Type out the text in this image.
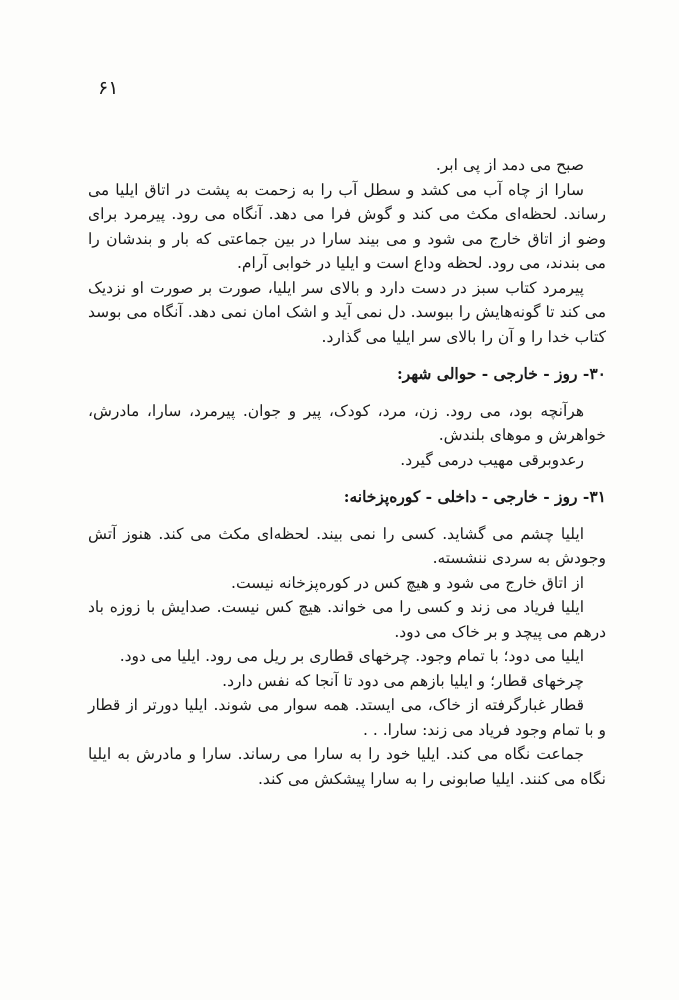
۶۱

صبح می دمد از پی ابر.

سارا از چاه آب می کشد و سطل آب را به زحمت به پشت در اتاق ایلیا می رساند. لحظه‌ای مکث می کند و گوش فرا می دهد. آنگاه می رود. پیرمرد برای وضو از اتاق خارج می شود و می بیند سارا در بین جماعتی که بار و بندشان را می بندند، می رود. لحظه وداع است و ایلیا در خوابی آرام.

پیرمرد کتاب سبز در دست دارد و بالای سر ایلیا، صورت بر صورت او نزدیک می کند تا گونه‌هایش را ببوسد. دل نمی آید و اشک امان نمی دهد. آنگاه می بوسد کتاب خدا را و آن را بالای سر ایلیا می گذارد.

۳۰- روز - خارجی - حوالی شهر:

هرآنچه بود، می رود. زن، مرد، کودک، پیر و جوان. پیرمرد، سارا، مادرش، خواهرش و موهای بلندش.

رعدوبرقی مهیب درمی گیرد.

۳۱- روز - خارجی - داخلی - کوره‌پزخانه:

ایلیا چشم می گشاید. کسی را نمی بیند. لحظه‌ای مکث می کند. هنوز آتش وجودش به سردی ننشسته.

از اتاق خارج می شود و هیچ کس در کوره‌پزخانه نیست.

ایلیا فریاد می زند و کسی را می خواند. هیچ کس نیست. صدایش با زوزه باد درهم می پیچد و بر خاک می دود.

ایلیا می دود؛ با تمام وجود. چرخهای قطاری بر ریل می رود. ایلیا می دود.

چرخهای قطار؛ و ایلیا بازهم می دود تا آنجا که نفس دارد.

قطار غبارگرفته از خاک، می ایستد. همه سوار می شوند. ایلیا دورتر از قطار و با تمام وجود فریاد می زند: سارا. . .

جماعت نگاه می کند. ایلیا خود را به سارا می رساند. سارا و مادرش به ایلیا نگاه می کنند. ایلیا صابونی را به سارا پیشکش می کند.
